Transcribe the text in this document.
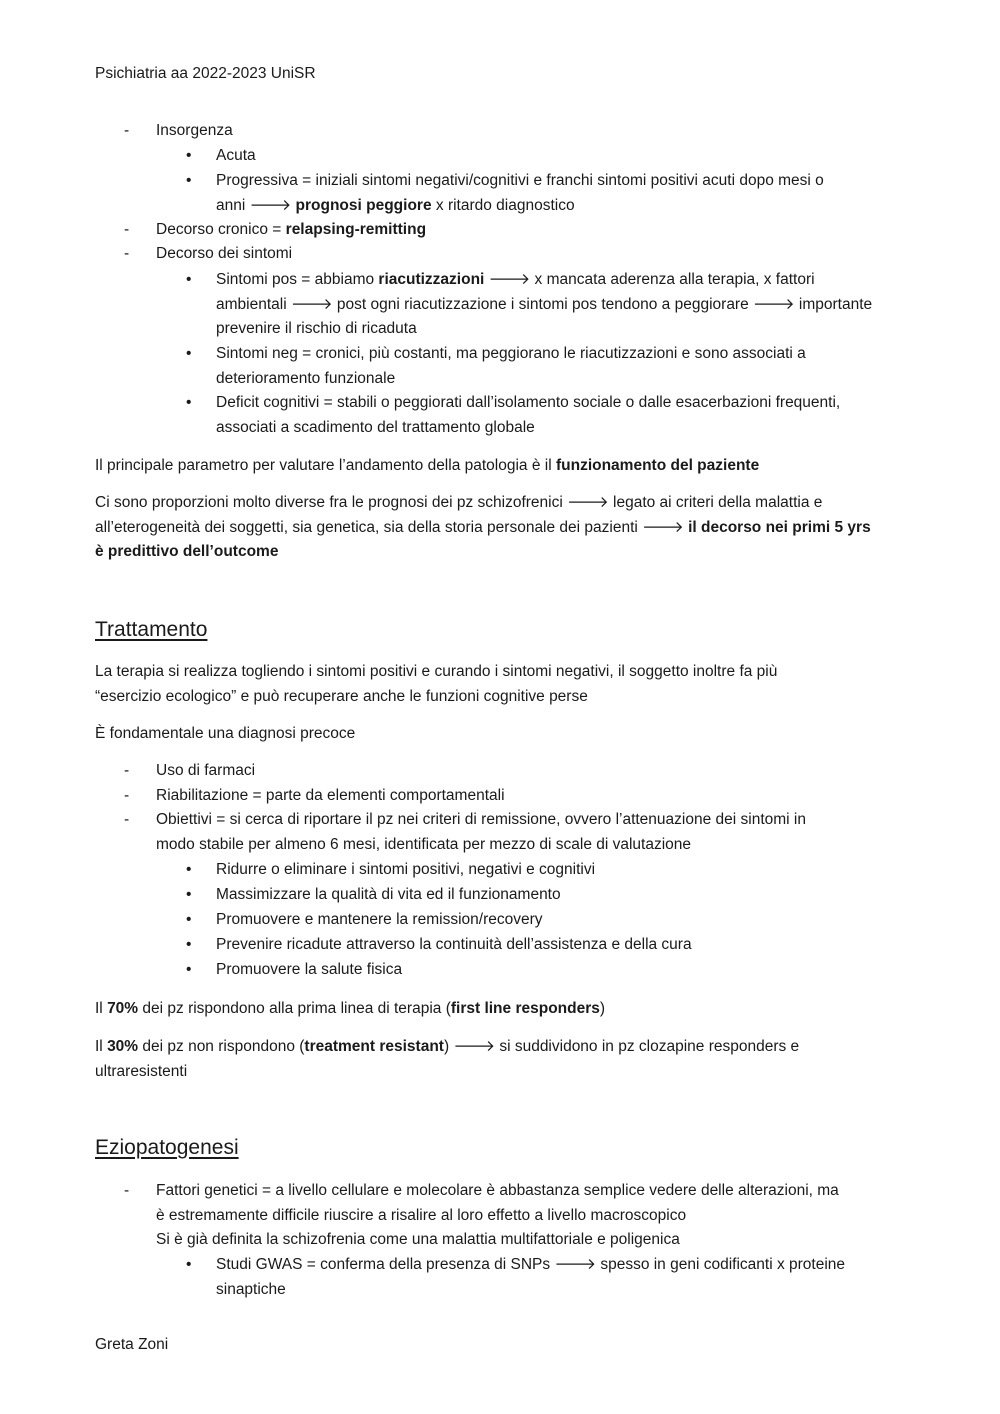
Psichiatria aa 2022-2023 UniSR
- Insorgenza
• Acuta
• Progressiva = iniziali sintomi negativi/cognitivi e franchi sintomi positivi acuti dopo mesi o
anni 🡒 prognosi peggiore x ritardo diagnostico
- Decorso cronico = relapsing-remitting
- Decorso dei sintomi
• Sintomi pos = abbiamo riacutizzazioni 🡒 x mancata aderenza alla terapia, x fattori
ambientali 🡒 post ogni riacutizzazione i sintomi pos tendono a peggiorare 🡒 importante
prevenire il rischio di ricaduta
• Sintomi neg = cronici, più costanti, ma peggiorano le riacutizzazioni e sono associati a
deterioramento funzionale
• Deficit cognitivi = stabili o peggiorati dall’isolamento sociale o dalle esacerbazioni frequenti,
associati a scadimento del trattamento globale
Il principale parametro per valutare l’andamento della patologia è il funzionamento del paziente
Ci sono proporzioni molto diverse fra le prognosi dei pz schizofrenici 🡒 legato ai criteri della malattia e
all’eterogeneità dei soggetti, sia genetica, sia della storia personale dei pazienti 🡒 il decorso nei primi 5 yrs
è predittivo dell’outcome
Trattamento
La terapia si realizza togliendo i sintomi positivi e curando i sintomi negativi, il soggetto inoltre fa più
“esercizio ecologico” e può recuperare anche le funzioni cognitive perse
È fondamentale una diagnosi precoce
- Uso di farmaci
- Riabilitazione = parte da elementi comportamentali
- Obiettivi = si cerca di riportare il pz nei criteri di remissione, ovvero l’attenuazione dei sintomi in
modo stabile per almeno 6 mesi, identificata per mezzo di scale di valutazione
• Ridurre o eliminare i sintomi positivi, negativi e cognitivi
• Massimizzare la qualità di vita ed il funzionamento
• Promuovere e mantenere la remission/recovery
• Prevenire ricadute attraverso la continuità dell’assistenza e della cura
• Promuovere la salute fisica
Il 70% dei pz rispondono alla prima linea di terapia (first line responders)
Il 30% dei pz non rispondono (treatment resistant) 🡒 si suddividono in pz clozapine responders e
ultraresistenti
Eziopatogenesi
- Fattori genetici = a livello cellulare e molecolare è abbastanza semplice vedere delle alterazioni, ma
è estremamente difficile riuscire a risalire al loro effetto a livello macroscopico
Si è già definita la schizofrenia come una malattia multifattoriale e poligenica
• Studi GWAS = conferma della presenza di SNPs 🡒 spesso in geni codificanti x proteine
sinaptiche
Greta Zoni
